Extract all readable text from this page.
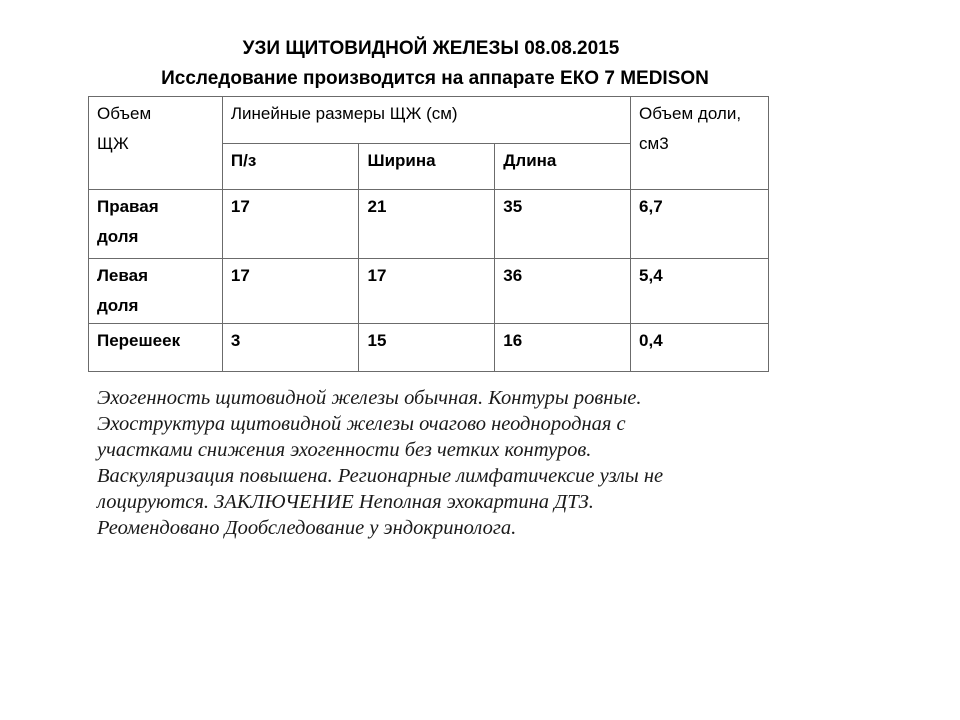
УЗИ ЩИТОВИДНОЙ ЖЕЛЕЗЫ 08.08.2015
Исследование производится на аппарате ЕКО 7 MEDISON
Объем ЩЖ	Линейные размеры ЩЖ (см)			Объем доли, см3

	П/з	Ширина	Длина	

Правая доля	17	21	35	6,7

Левая доля	17	17	36	5,4
Перешеек	3	15	16	0,4
Эхогенность щитовидной железы обычная. Контуры ровные.
Эхоструктура щитовидной железы очагово неоднородная с
участками снижения эхогенности без четких контуров.
Васкуляризация повышена. Регионарные лимфатичексие узлы не
лоцируются. ЗАКЛЮЧЕНИЕ Неполная эхокартина ДТЗ.
Реомендовано Дообследование у эндокринолога.
